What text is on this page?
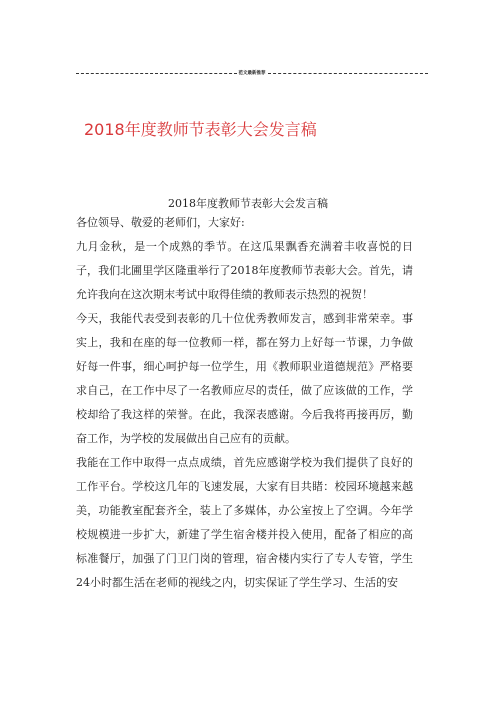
范文最新推荐
2018年度教师节表彰大会发言稿
2018年度教师节表彰大会发言稿

各位领导、敬爱的老师们，大家好:

九月金秋，是一个成熟的季节。在这瓜果飘香充满着丰收喜悦的日子，我们北圃里学区隆重举行了2018年度教师节表彰大会。首先，请允许我向在这次期末考试中取得佳绩的教师表示热烈的祝贺！

今天，我能代表受到表彰的几十位优秀教师发言，感到非常荣幸。事实上，我和在座的每一位教师一样，都在努力上好每一节课，力争做好每一件事，细心呵护每一位学生，用《教师职业道德规范》严格要求自己，在工作中尽了一名教师应尽的责任，做了应该做的工作，学校却给了我这样的荣誉。在此，我深表感谢。今后我将再接再厉，勤奋工作，为学校的发展做出自己应有的贡献。

我能在工作中取得一点点成绩，首先应感谢学校为我们提供了良好的工作平台。学校这几年的飞速发展，大家有目共睹：校园环境越来越美，功能教室配套齐全，装上了多媒体，办公室按上了空调。今年学校规模进一步扩大，新建了学生宿舍楼并投入使用，配备了相应的高标准餐厅，加强了门卫门岗的管理，宿舍楼内实行了专人专管，学生24小时都生活在老师的视线之内，切实保证了学生学习、生活的安
